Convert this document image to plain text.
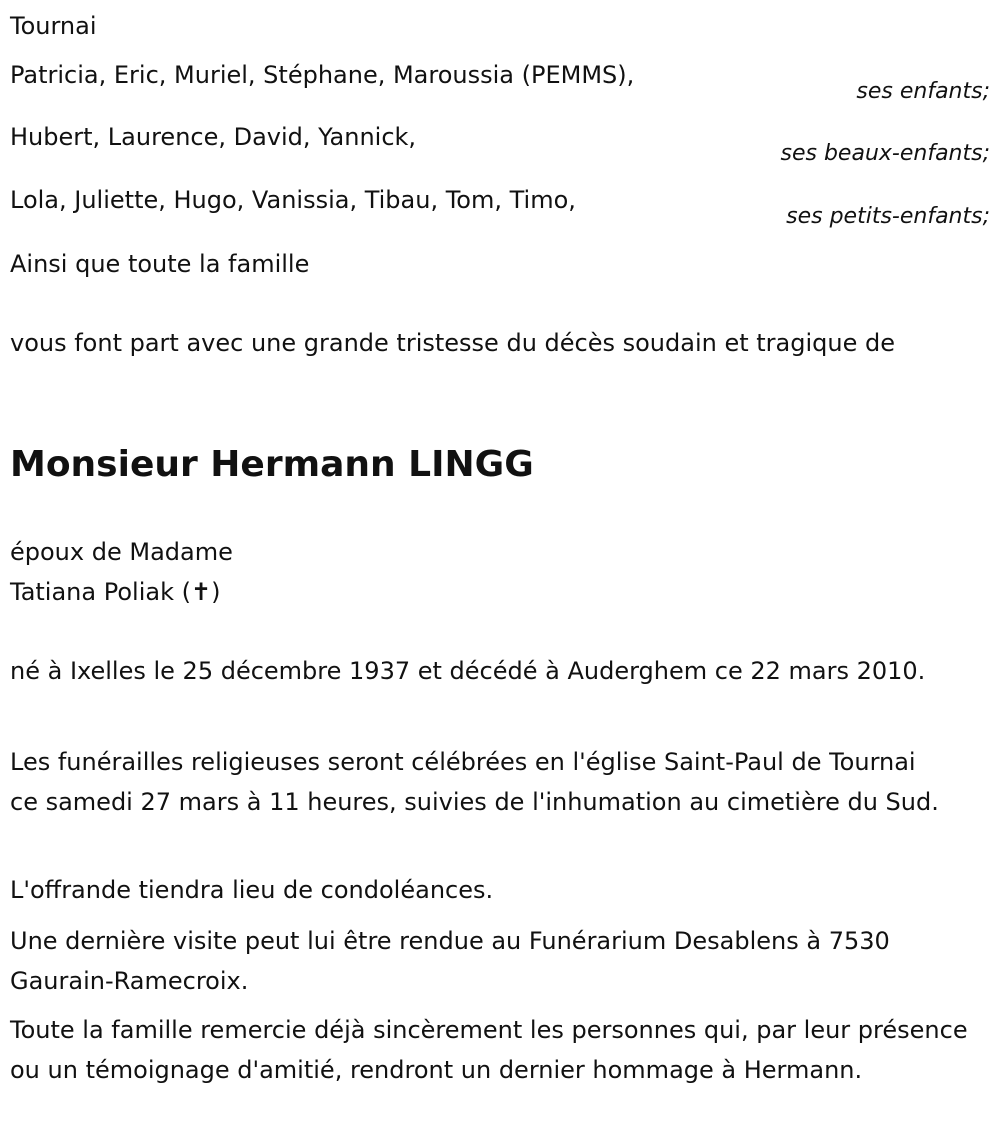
Tournai

Patricia, Eric, Muriel, Stéphane, Maroussia (PEMMS),

ses enfants;

Hubert, Laurence, David, Yannick,

ses beaux-enfants;

Lola, Juliette, Hugo, Vanissia, Tibau, Tom, Timo,

ses petits-enfants;

Ainsi que toute la famille

vous font part avec une grande tristesse du décès soudain et tragique de

Monsieur Hermann LINGG

époux de Madame

Tatiana Poliak (✝)

né à Ixelles le 25 décembre 1937 et décédé à Auderghem ce 22 mars 2010.

Les funérailles religieuses seront célébrées en l'église Saint-Paul de Tournai ce samedi 27 mars à 11 heures, suivies de l'inhumation au cimetière du Sud.

L'offrande tiendra lieu de condoléances.

Une dernière visite peut lui être rendue au Funérarium Desablens à 7530 Gaurain-Ramecroix.

Toute la famille remercie déjà sincèrement les personnes qui, par leur présence ou un témoignage d'amitié, rendront un dernier hommage à Hermann.
